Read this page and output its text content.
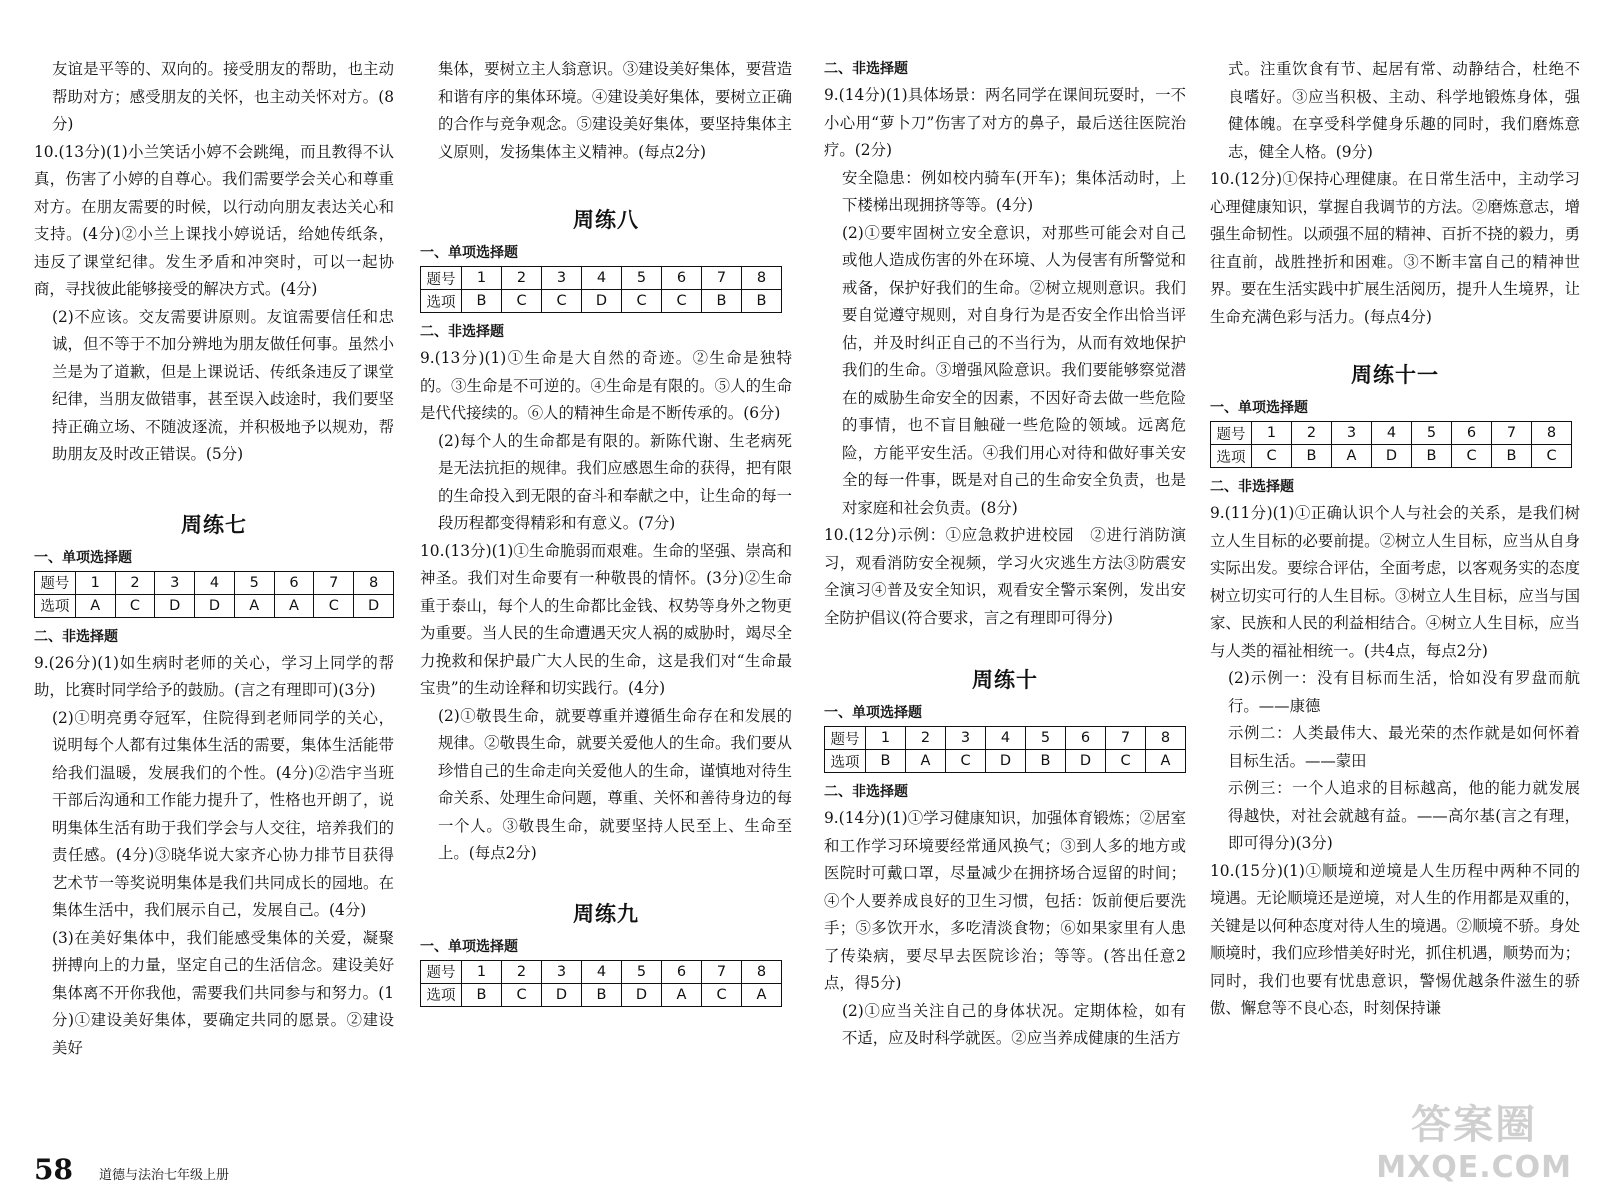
友谊是平等的、双向的。接受朋友的帮助，也主动帮助对方；感受朋友的关怀，也主动关怀对方。(8分)

10.(13分)(1)小兰笑话小婷不会跳绳，而且教得不认真，伤害了小婷的自尊心。我们需要学会关心和尊重对方。在朋友需要的时候，以行动向朋友表达关心和支持。(4分)②小兰上课找小婷说话，给她传纸条，违反了课堂纪律。发生矛盾和冲突时，可以一起协商，寻找彼此能够接受的解决方式。(4分)

(2)不应该。交友需要讲原则。友谊需要信任和忠诚，但不等于不加分辨地为朋友做任何事。虽然小兰是为了道歉，但是上课说话、传纸条违反了课堂纪律，当朋友做错事，甚至误入歧途时，我们要坚持正确立场、不随波逐流，并积极地予以规劝，帮助朋友及时改正错误。(5分)

周练七
一、单项选择题
题号	1	2	3	4	5	6	7	8
选项	A	C	D	D	A	A	C	D
二、非选择题

9.(26分)(1)如生病时老师的关心，学习上同学的帮助，比赛时同学给予的鼓励。(言之有理即可)(3分)

(2)①明亮勇夺冠军，住院得到老师同学的关心，说明每个人都有过集体生活的需要，集体生活能带给我们温暖，发展我们的个性。(4分)②浩宇当班干部后沟通和工作能力提升了，性格也开朗了，说明集体生活有助于我们学会与人交往，培养我们的责任感。(4分)③晓华说大家齐心协力排节目获得艺术节一等奖说明集体是我们共同成长的园地。在集体生活中，我们展示自己，发展自己。(4分)

(3)在美好集体中，我们能感受集体的关爱，凝聚拼搏向上的力量，坚定自己的生活信念。建设美好集体离不开你我他，需要我们共同参与和努力。(1分)①建设美好集体，要确定共同的愿景。②建设美好

集体，要树立主人翁意识。③建设美好集体，要营造和谐有序的集体环境。④建设美好集体，要树立正确的合作与竞争观念。⑤建设美好集体，要坚持集体主义原则，发扬集体主义精神。(每点2分)

周练八
一、单项选择题
题号	1	2	3	4	5	6	7	8
选项	B	C	C	D	C	C	B	B
二、非选择题

9.(13分)(1)①生命是大自然的奇迹。②生命是独特的。③生命是不可逆的。④生命是有限的。⑤人的生命是代代接续的。⑥人的精神生命是不断传承的。(6分)

(2)每个人的生命都是有限的。新陈代谢、生老病死是无法抗拒的规律。我们应感恩生命的获得，把有限的生命投入到无限的奋斗和奉献之中，让生命的每一段历程都变得精彩和有意义。(7分)

10.(13分)(1)①生命脆弱而艰难。生命的坚强、崇高和神圣。我们对生命要有一种敬畏的情怀。(3分)②生命重于泰山，每个人的生命都比金钱、权势等身外之物更为重要。当人民的生命遭遇天灾人祸的威胁时，竭尽全力挽救和保护最广大人民的生命，这是我们对“生命最宝贵”的生动诠释和切实践行。(4分)

(2)①敬畏生命，就要尊重并遵循生命存在和发展的规律。②敬畏生命，就要关爱他人的生命。我们要从珍惜自己的生命走向关爱他人的生命，谨慎地对待生命关系、处理生命问题，尊重、关怀和善待身边的每一个人。③敬畏生命，就要坚持人民至上、生命至上。(每点2分)

周练九
一、单项选择题
题号	1	2	3	4	5	6	7	8
选项	B	C	D	B	D	A	C	A
二、非选择题

9.(14分)(1)具体场景：两名同学在课间玩耍时，一不小心用“萝卜刀”伤害了对方的鼻子，最后送往医院治疗。(2分)

安全隐患：例如校内骑车(开车)；集体活动时，上下楼梯出现拥挤等等。(4分)

(2)①要牢固树立安全意识，对那些可能会对自己或他人造成伤害的外在环境、人为侵害有所警觉和戒备，保护好我们的生命。②树立规则意识。我们要自觉遵守规则，对自身行为是否安全作出恰当评估，并及时纠正自己的不当行为，从而有效地保护我们的生命。③增强风险意识。我们要能够察觉潜在的威胁生命安全的因素，不因好奇去做一些危险的事情，也不盲目触碰一些危险的领域。远离危险，方能平安生活。④我们用心对待和做好事关安全的每一件事，既是对自己的生命安全负责，也是对家庭和社会负责。(8分)

10.(12分)示例：①应急救护进校园　②进行消防演习，观看消防安全视频，学习火灾逃生方法③防震安全演习④普及安全知识，观看安全警示案例，发出安全防护倡议(符合要求，言之有理即可得分)

周练十
一、单项选择题
题号	1	2	3	4	5	6	7	8
选项	B	A	C	D	B	D	C	A
二、非选择题

9.(14分)(1)①学习健康知识，加强体育锻炼；②居室和工作学习环境要经常通风换气；③到人多的地方或医院时可戴口罩，尽量减少在拥挤场合逗留的时间；④个人要养成良好的卫生习惯，包括：饭前便后要洗手；⑤多饮开水，多吃清淡食物；⑥如果家里有人患了传染病，要尽早去医院诊治；等等。(答出任意2点，得5分)

(2)①应当关注自己的身体状况。定期体检，如有不适，应及时科学就医。②应当养成健康的生活方

式。注重饮食有节、起居有常、动静结合，杜绝不良嗜好。③应当积极、主动、科学地锻炼身体，强健体魄。在享受科学健身乐趣的同时，我们磨炼意志，健全人格。(9分)

10.(12分)①保持心理健康。在日常生活中，主动学习心理健康知识，掌握自我调节的方法。②磨炼意志，增强生命韧性。以顽强不屈的精神、百折不挠的毅力，勇往直前，战胜挫折和困难。③不断丰富自己的精神世界。要在生活实践中扩展生活阅历，提升人生境界，让生命充满色彩与活力。(每点4分)

周练十一
一、单项选择题
题号	1	2	3	4	5	6	7	8
选项	C	B	A	D	B	C	B	C
二、非选择题

9.(11分)(1)①正确认识个人与社会的关系，是我们树立人生目标的必要前提。②树立人生目标，应当从自身实际出发。要综合评估，全面考虑，以客观务实的态度树立切实可行的人生目标。③树立人生目标，应当与国家、民族和人民的利益相结合。④树立人生目标，应当与人类的福祉相统一。(共4点，每点2分)

(2)示例一：没有目标而生活，恰如没有罗盘而航行。——康德

示例二：人类最伟大、最光荣的杰作就是如何怀着目标生活。——蒙田

示例三：一个人追求的目标越高，他的能力就发展得越快，对社会就越有益。——高尔基(言之有理，即可得分)(3分)

10.(15分)(1)①顺境和逆境是人生历程中两种不同的境遇。无论顺境还是逆境，对人生的作用都是双重的，关键是以何种态度对待人生的境遇。②顺境不骄。身处顺境时，我们应珍惜美好时光，抓住机遇，顺势而为；同时，我们也要有忧患意识，警惕优越条件滋生的骄傲、懈怠等不良心态，时刻保持谦

58 道德与法治七年级上册
答案圈
MXQE.COM
